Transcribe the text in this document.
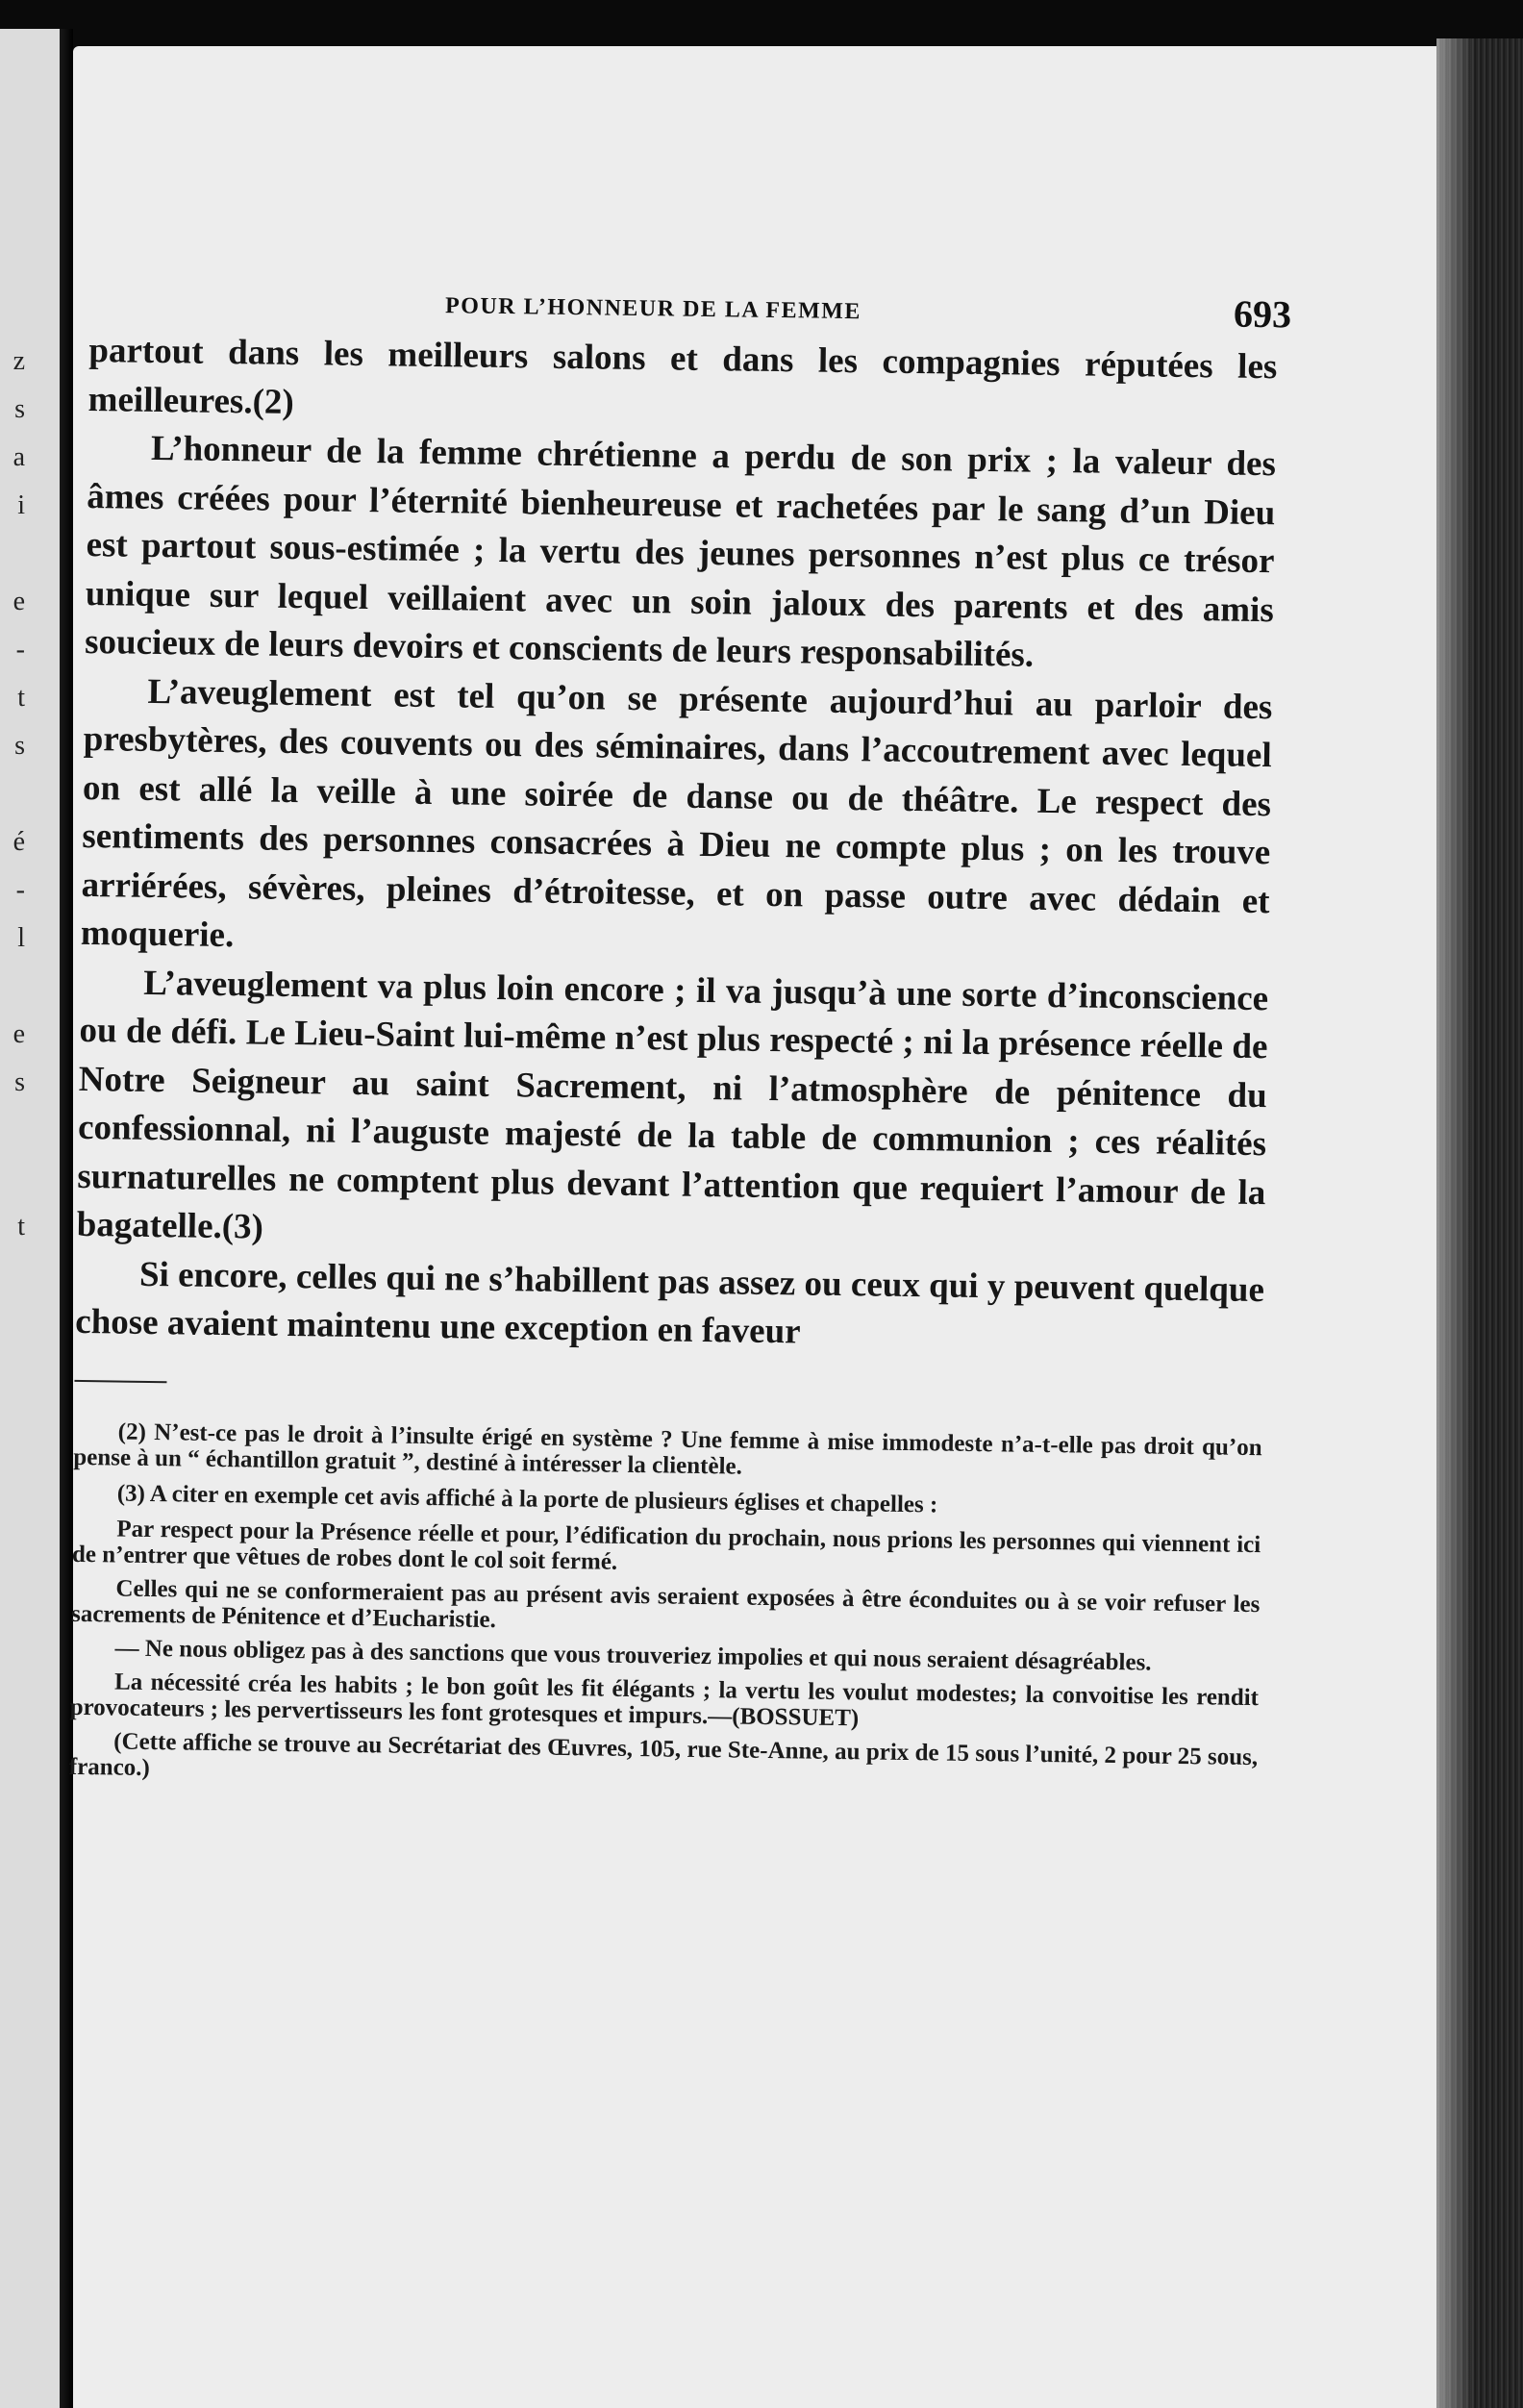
z
s
a
i
e
-
t
s
é
-
l
e
s
t
POUR L’HONNEUR DE LA FEMME	693

partout dans les meilleurs salons et dans les compagnies réputées les meilleures.(2)

L’honneur de la femme chrétienne a perdu de son prix ; la valeur des âmes créées pour l’éternité bienheureuse et rachetées par le sang d’un Dieu est partout sous-estimée ; la vertu des jeunes personnes n’est plus ce trésor unique sur lequel veillaient avec un soin jaloux des parents et des amis soucieux de leurs devoirs et conscients de leurs responsabilités.

L’aveuglement est tel qu’on se présente aujourd’hui au parloir des presbytères, des couvents ou des séminaires, dans l’accoutrement avec lequel on est allé la veille à une soirée de danse ou de théâtre. Le respect des sentiments des personnes consacrées à Dieu ne compte plus ; on les trouve arriérées, sévères, pleines d’étroitesse, et on passe outre avec dédain et moquerie.

L’aveuglement va plus loin encore ; il va jusqu’à une sorte d’inconscience ou de défi. Le Lieu-Saint lui-même n’est plus respecté ; ni la présence réelle de Notre Seigneur au saint Sacrement, ni l’atmosphère de pénitence du confessionnal, ni l’auguste majesté de la table de communion ; ces réalités surnaturelles ne comptent plus devant l’attention que requiert l’amour de la bagatelle.(3)

Si encore, celles qui ne s’habillent pas assez ou ceux qui y peuvent quelque chose avaient maintenu une exception en faveur

(2) N’est-ce pas le droit à l’insulte érigé en système ? Une femme à mise immodeste n’a-t-elle pas droit qu’on pense à un “ échantillon gratuit ”, destiné à intéresser la clientèle.

(3) A citer en exemple cet avis affiché à la porte de plusieurs églises et chapelles :

Par respect pour la Présence réelle et pour, l’édification du prochain, nous prions les personnes qui viennent ici de n’entrer que vêtues de robes dont le col soit fermé.

Celles qui ne se conformeraient pas au présent avis seraient exposées à être éconduites ou à se voir refuser les sacrements de Pénitence et d’Eucharistie.

— Ne nous obligez pas à des sanctions que vous trouveriez impolies et qui nous seraient désagréables.

La nécessité créa les habits ; le bon goût les fit élégants ; la vertu les voulut modestes; la convoitise les rendit provocateurs ; les pervertisseurs les font grotesques et impurs.—(BOSSUET)

(Cette affiche se trouve au Secrétariat des Œuvres, 105, rue Ste-Anne, au prix de 15 sous l’unité, 2 pour 25 sous, franco.)
